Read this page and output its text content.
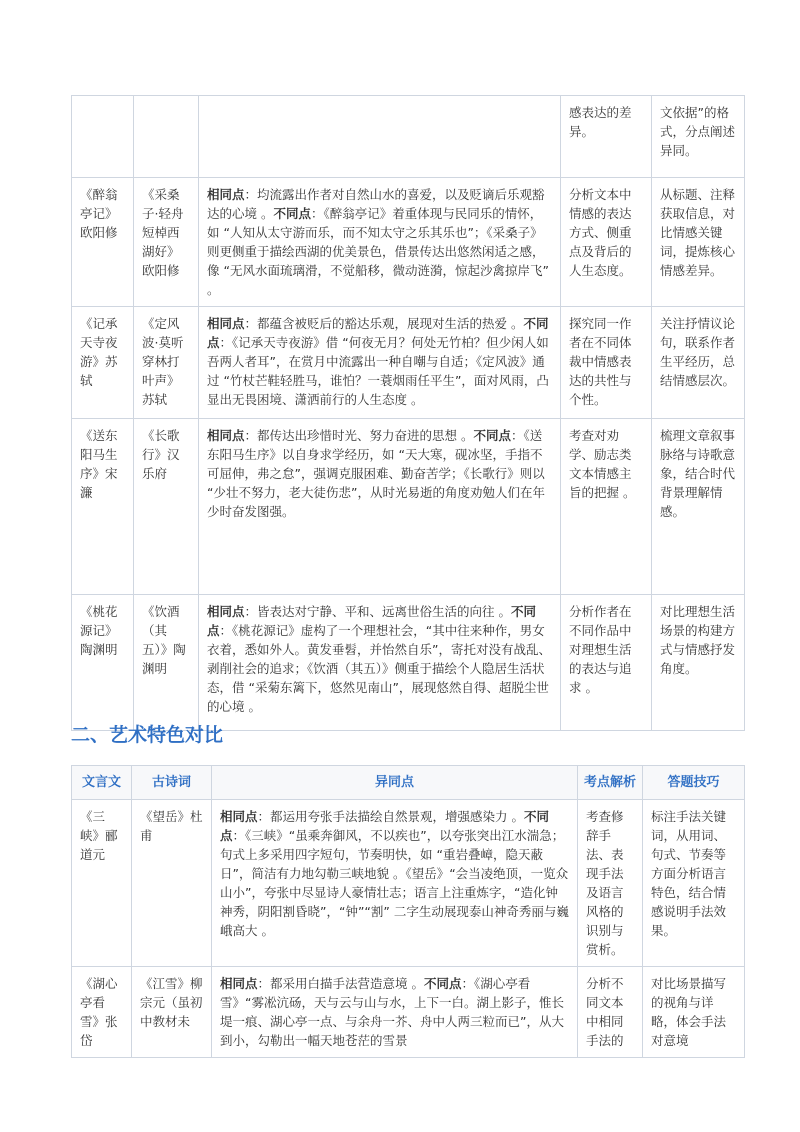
			感表达的差异。	文依据”的格式，分点阐述异同。
《醉翁亭记》欧阳修	《采桑子·轻舟短棹西湖好》欧阳修	相同点：均流露出作者对自然山水的喜爱，以及贬谪后乐观豁达的心境 。不同点：《醉翁亭记》着重体现与民同乐的情怀，如 “人知从太守游而乐，而不知太守之乐其乐也”；《采桑子》则更侧重于描绘西湖的优美景色，借景传达出悠然闲适之感，像 “无风水面琉璃滑，不觉船移，微动涟漪，惊起沙禽掠岸飞” 。	分析文本中情感的表达方式、侧重点及背后的人生态度。	从标题、注释获取信息，对比情感关键词，提炼核心情感差异。
《记承天寺夜游》苏轼	《定风波·莫听穿林打叶声》苏轼	相同点：都蕴含被贬后的豁达乐观，展现对生活的热爱 。不同点：《记承天寺夜游》借 “何夜无月？何处无竹柏？但少闲人如吾两人者耳”，在赏月中流露出一种自嘲与自适；《定风波》通过 “竹杖芒鞋轻胜马，谁怕？一蓑烟雨任平生”，面对风雨，凸显出无畏困境、潇洒前行的人生态度 。	探究同一作者在不同体裁中情感表达的共性与个性。	关注抒情议论句，联系作者生平经历，总结情感层次。
《送东阳马生序》宋濂	《长歌行》汉乐府	相同点：都传达出珍惜时光、努力奋进的思想 。不同点：《送东阳马生序》以自身求学经历，如 “天大寒，砚冰坚，手指不可屈伸，弗之怠”，强调克服困难、勤奋苦学；《长歌行》则以 “少壮不努力，老大徒伤悲”，从时光易逝的角度劝勉人们在年少时奋发图强。	考查对劝学、励志类文本情感主旨的把握 。	梳理文章叙事脉络与诗歌意象，结合时代背景理解情感。
《桃花源记》陶渊明	《饮酒（其五）》陶渊明	相同点：皆表达对宁静、平和、远离世俗生活的向往 。不同点：《桃花源记》虚构了一个理想社会，“其中往来种作，男女衣着，悉如外人。黄发垂髫，并怡然自乐”，寄托对没有战乱、剥削社会的追求；《饮酒（其五）》侧重于描绘个人隐居生活状态，借 “采菊东篱下，悠然见南山”，展现悠然自得、超脱尘世的心境 。	分析作者在不同作品中对理想生活的表达与追求 。	对比理想生活场景的构建方式与情感抒发角度。
二、艺术特色对比
文言文	古诗词	异同点	考点解析	答题技巧
《三峡》郦道元	《望岳》杜甫	相同点：都运用夸张手法描绘自然景观，增强感染力 。不同点：《三峡》“虽乘奔御风，不以疾也”，以夸张突出江水湍急；句式上多采用四字短句，节奏明快，如 “重岩叠嶂，隐天蔽日”，简洁有力地勾勒三峡地貌 。《望岳》“会当凌绝顶，一览众山小”，夸张中尽显诗人豪情壮志；语言上注重炼字，“造化钟神秀，阴阳割昏晓”，“钟”“割” 二字生动展现泰山神奇秀丽与巍峨高大 。	考查修辞手法、表现手法及语言风格的识别与赏析。	标注手法关键词，从用词、句式、节奏等方面分析语言特色，结合情感说明手法效果。
《湖心亭看雪》张岱	《江雪》柳宗元（虽初中教材未	相同点：都采用白描手法营造意境 。不同点：《湖心亭看雪》“雾凇沆砀，天与云与山与水，上下一白。湖上影子，惟长堤一痕、湖心亭一点、与余舟一芥、舟中人两三粒而已”，从大到小，勾勒出一幅天地苍茫的雪景	分析不同文本中相同手法的	对比场景描写的视角与详略，体会手法对意境
